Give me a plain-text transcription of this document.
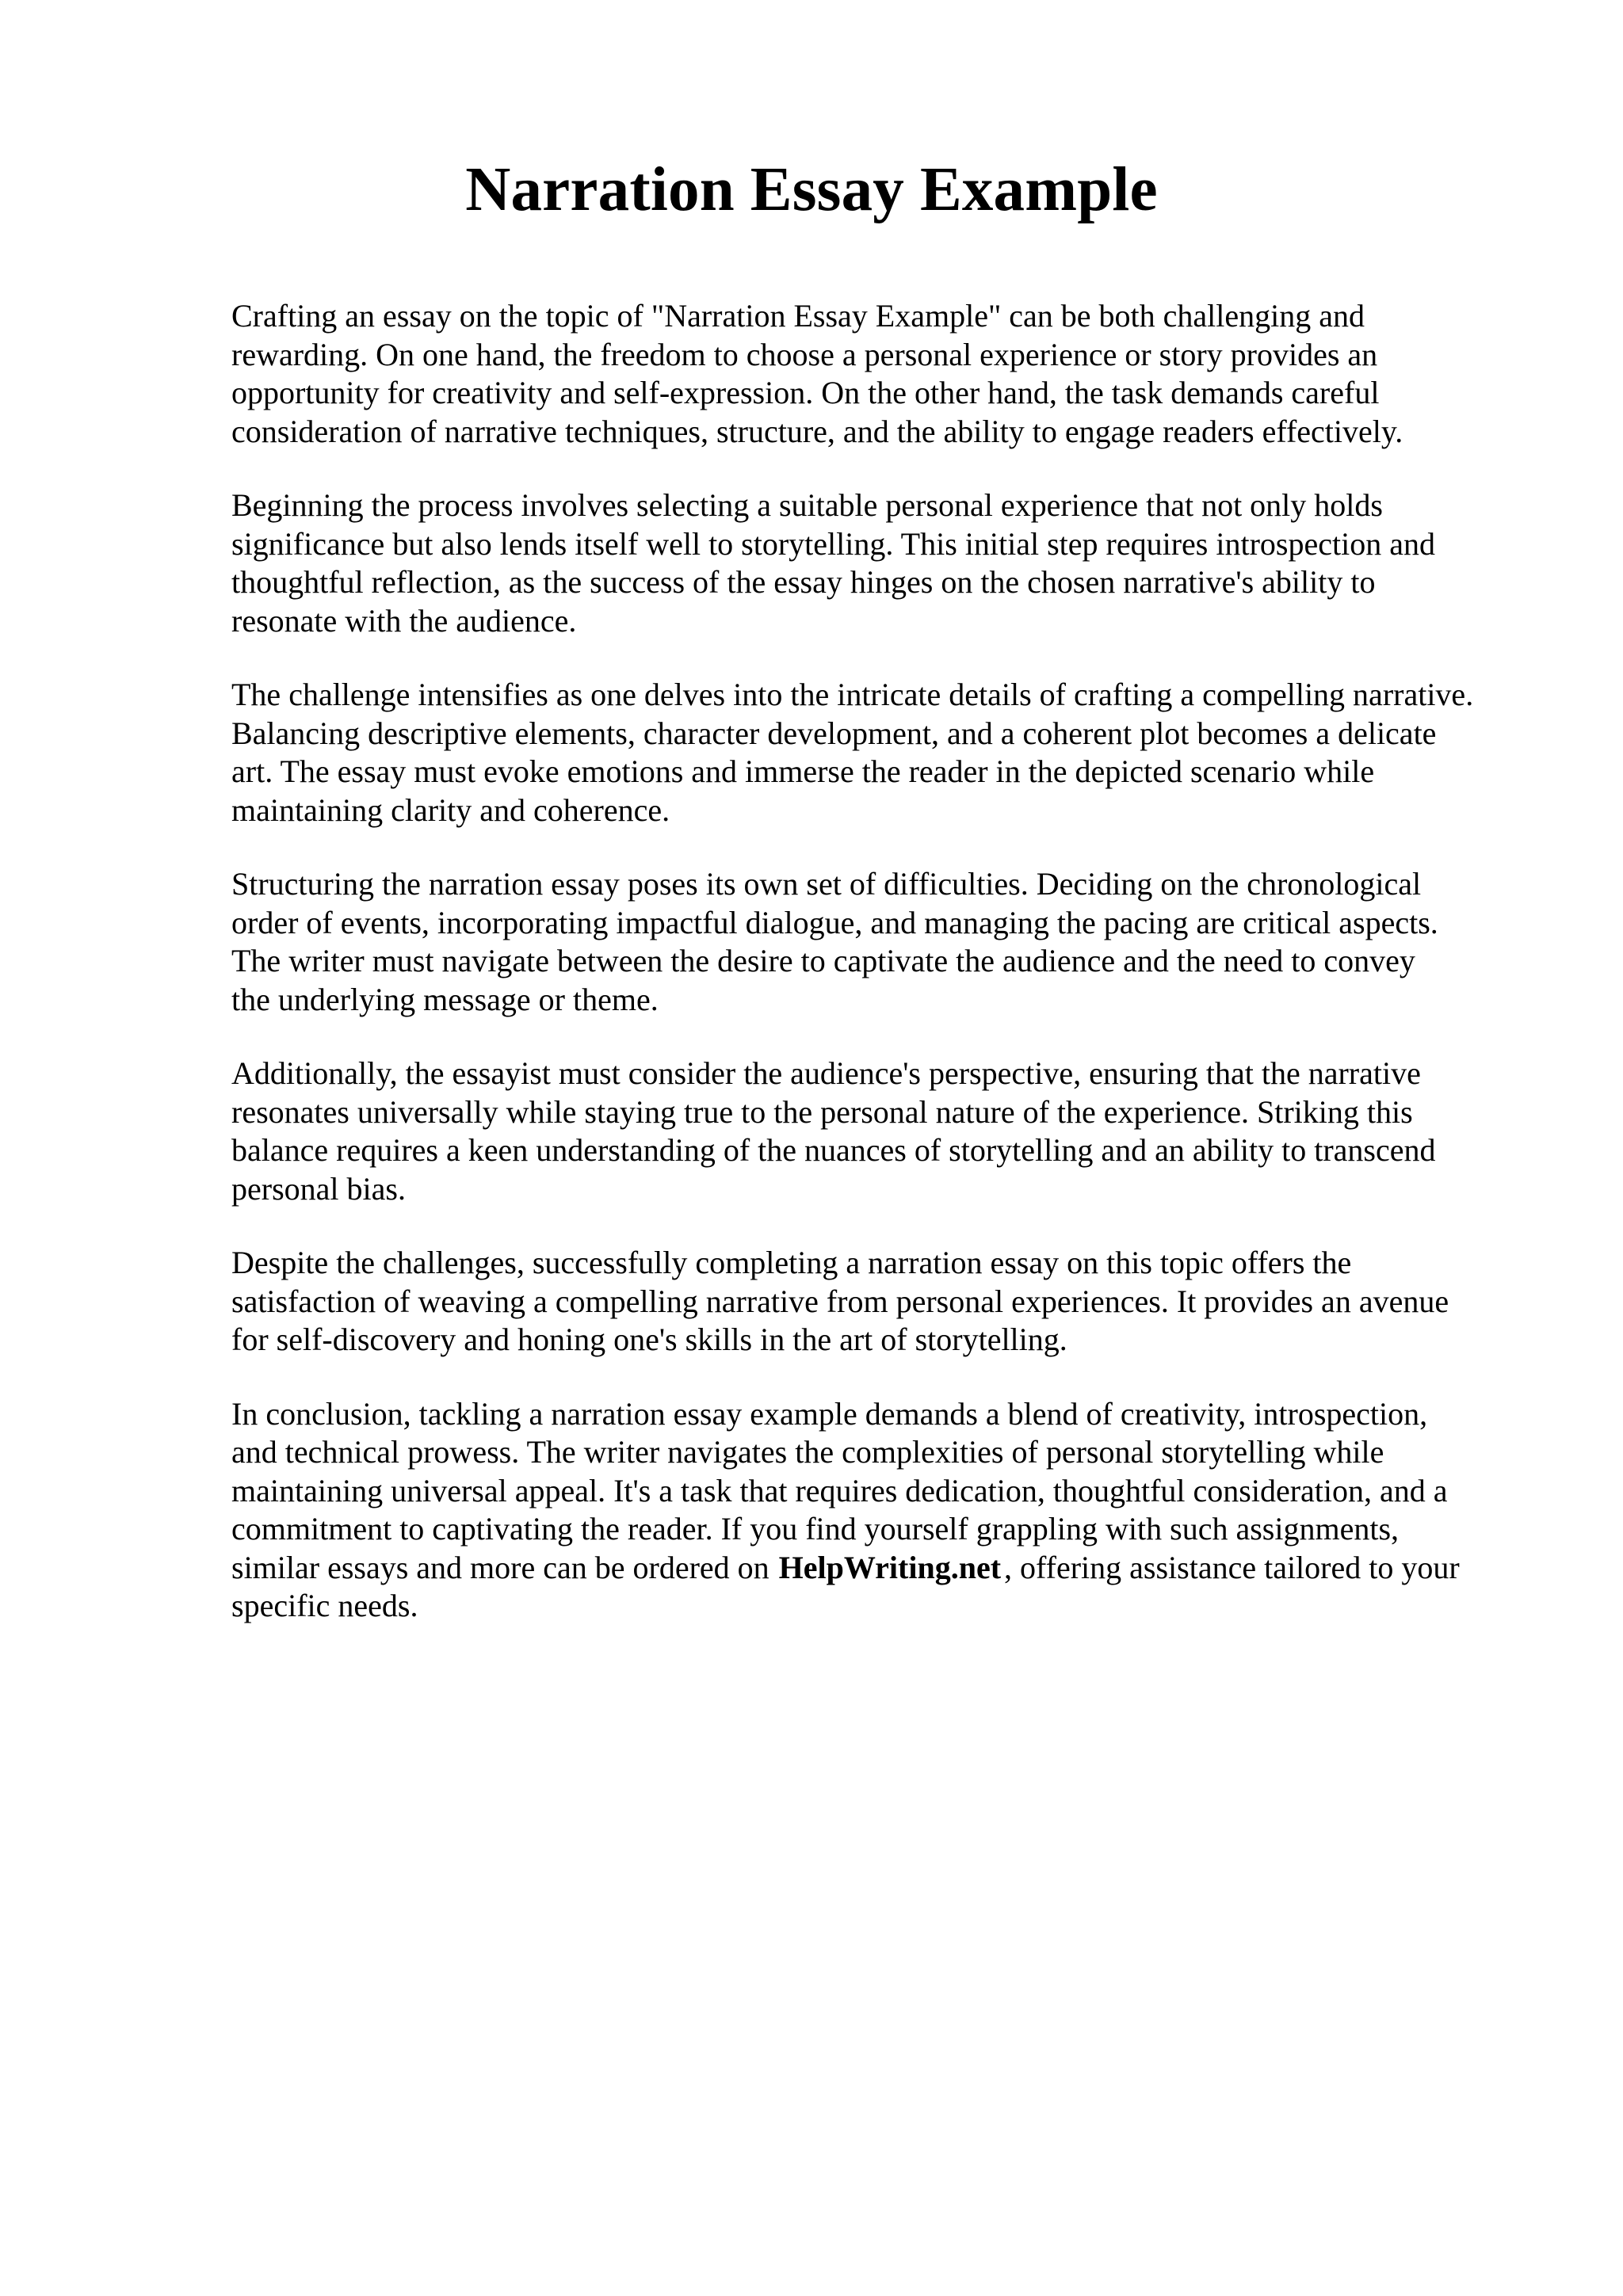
Narration Essay Example

Crafting an essay on the topic of "Narration Essay Example" can be both challenging and
rewarding. On one hand, the freedom to choose a personal experience or story provides an
opportunity for creativity and self-expression. On the other hand, the task demands careful
consideration of narrative techniques, structure, and the ability to engage readers effectively.

Beginning the process involves selecting a suitable personal experience that not only holds
significance but also lends itself well to storytelling. This initial step requires introspection and
thoughtful reflection, as the success of the essay hinges on the chosen narrative's ability to
resonate with the audience.

The challenge intensifies as one delves into the intricate details of crafting a compelling narrative.
Balancing descriptive elements, character development, and a coherent plot becomes a delicate
art. The essay must evoke emotions and immerse the reader in the depicted scenario while
maintaining clarity and coherence.

Structuring the narration essay poses its own set of difficulties. Deciding on the chronological
order of events, incorporating impactful dialogue, and managing the pacing are critical aspects.
The writer must navigate between the desire to captivate the audience and the need to convey
the underlying message or theme.

Additionally, the essayist must consider the audience's perspective, ensuring that the narrative
resonates universally while staying true to the personal nature of the experience. Striking this
balance requires a keen understanding of the nuances of storytelling and an ability to transcend
personal bias.

Despite the challenges, successfully completing a narration essay on this topic offers the
satisfaction of weaving a compelling narrative from personal experiences. It provides an avenue
for self-discovery and honing one's skills in the art of storytelling.

In conclusion, tackling a narration essay example demands a blend of creativity, introspection,
and technical prowess. The writer navigates the complexities of personal storytelling while
maintaining universal appeal. It's a task that requires dedication, thoughtful consideration, and a
commitment to captivating the reader. If you find yourself grappling with such assignments,
similar essays and more can be ordered on HelpWriting.net , offering assistance tailored to your
specific needs.
